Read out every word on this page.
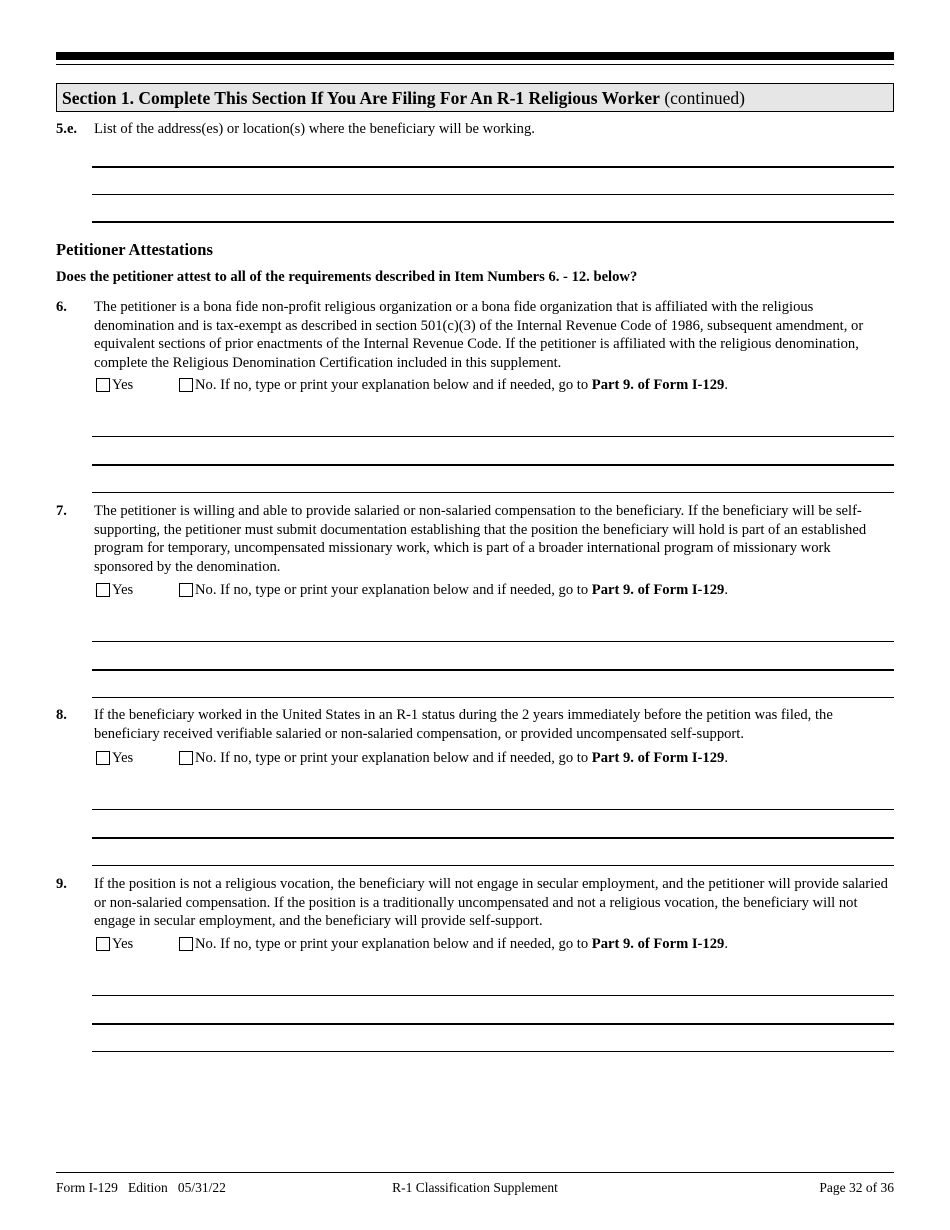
Section 1. Complete This Section If You Are Filing For An R-1 Religious Worker (continued)

5.e. List of the address(es) or location(s) where the beneficiary will be working.

Petitioner Attestations
Does the petitioner attest to all of the requirements described in Item Numbers 6. - 12. below?

6. The petitioner is a bona fide non-profit religious organization or a bona fide organization that is affiliated with the religious denomination and is tax-exempt as described in section 501(c)(3) of the Internal Revenue Code of 1986, subsequent amendment, or equivalent sections of prior enactments of the Internal Revenue Code. If the petitioner is affiliated with the religious denomination, complete the Religious Denomination Certification included in this supplement.

Yes	No. If no, type or print your explanation below and if needed, go to Part 9. of Form I-129.

7. The petitioner is willing and able to provide salaried or non-salaried compensation to the beneficiary. If the beneficiary will be self-supporting, the petitioner must submit documentation establishing that the position the beneficiary will hold is part of an established program for temporary, uncompensated missionary work, which is part of a broader international program of missionary work sponsored by the denomination.

Yes	No. If no, type or print your explanation below and if needed, go to Part 9. of Form I-129.

8. If the beneficiary worked in the United States in an R-1 status during the 2 years immediately before the petition was filed, the beneficiary received verifiable salaried or non-salaried compensation, or provided uncompensated self-support.

Yes	No. If no, type or print your explanation below and if needed, go to Part 9. of Form I-129.

9. If the position is not a religious vocation, the beneficiary will not engage in secular employment, and the petitioner will provide salaried or non-salaried compensation. If the position is a traditionally uncompensated and not a religious vocation, the beneficiary will not engage in secular employment, and the beneficiary will provide self-support.

Yes	No. If no, type or print your explanation below and if needed, go to Part 9. of Form I-129.
Form I-129   Edition   05/31/22	R-1 Classification Supplement	Page 32 of 36
